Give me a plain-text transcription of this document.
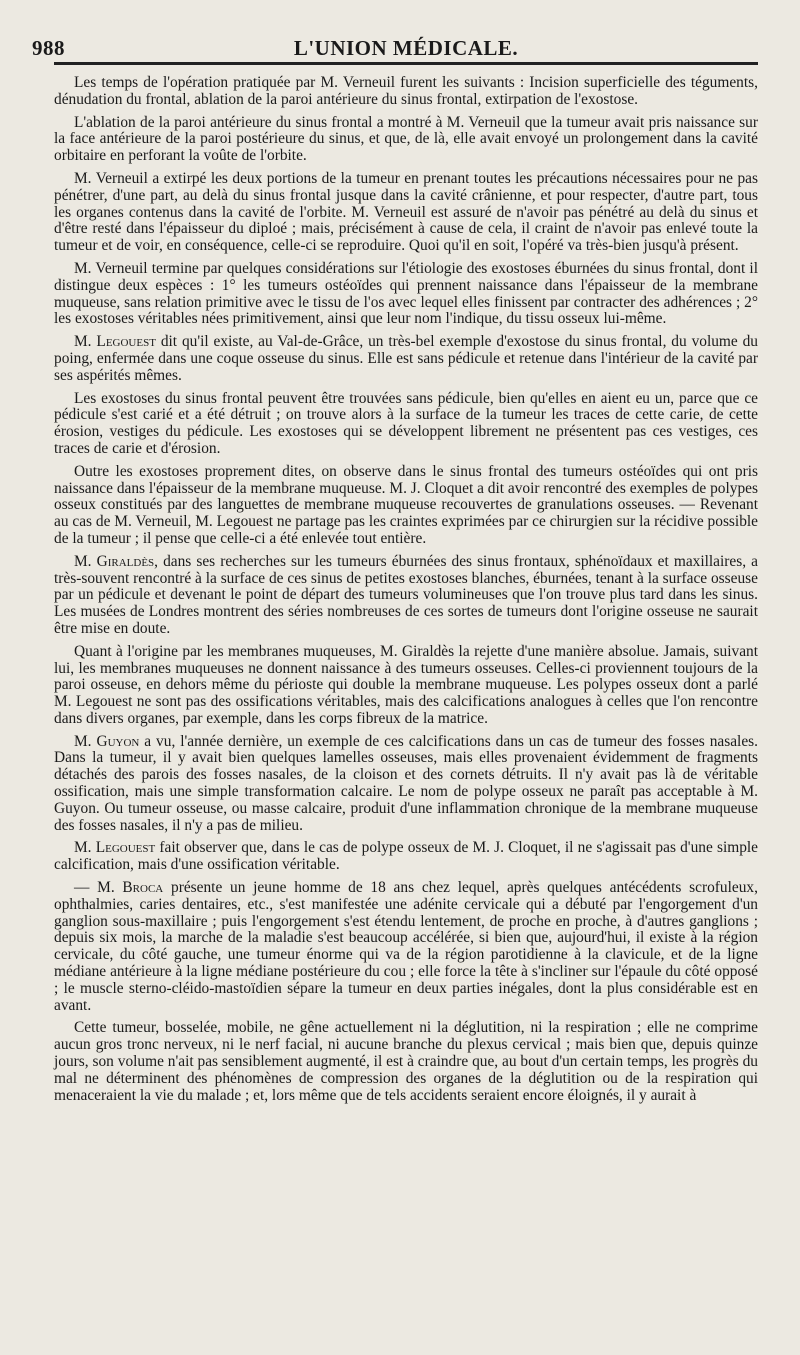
988	L'UNION MÉDICALE.

Les temps de l'opération pratiquée par M. Verneuil furent les suivants : Incision superficielle des téguments, dénudation du frontal, ablation de la paroi antérieure du sinus frontal, extirpation de l'exostose.

L'ablation de la paroi antérieure du sinus frontal a montré à M. Verneuil que la tumeur avait pris naissance sur la face antérieure de la paroi postérieure du sinus, et que, de là, elle avait envoyé un prolongement dans la cavité orbitaire en perforant la voûte de l'orbite.

M. Verneuil a extirpé les deux portions de la tumeur en prenant toutes les précautions nécessaires pour ne pas pénétrer, d'une part, au delà du sinus frontal jusque dans la cavité crânienne, et pour respecter, d'autre part, tous les organes contenus dans la cavité de l'orbite. M. Verneuil est assuré de n'avoir pas pénétré au delà du sinus et d'être resté dans l'épaisseur du diploé ; mais, précisément à cause de cela, il craint de n'avoir pas enlevé toute la tumeur et de voir, en conséquence, celle-ci se reproduire. Quoi qu'il en soit, l'opéré va très-bien jusqu'à présent.

M. Verneuil termine par quelques considérations sur l'étiologie des exostoses éburnées du sinus frontal, dont il distingue deux espèces : 1° les tumeurs ostéoïdes qui prennent naissance dans l'épaisseur de la membrane muqueuse, sans relation primitive avec le tissu de l'os avec lequel elles finissent par contracter des adhérences ; 2° les exostoses véritables nées primitivement, ainsi que leur nom l'indique, du tissu osseux lui-même.

M. Legouest dit qu'il existe, au Val-de-Grâce, un très-bel exemple d'exostose du sinus frontal, du volume du poing, enfermée dans une coque osseuse du sinus. Elle est sans pédicule et retenue dans l'intérieur de la cavité par ses aspérités mêmes.

Les exostoses du sinus frontal peuvent être trouvées sans pédicule, bien qu'elles en aient eu un, parce que ce pédicule s'est carié et a été détruit ; on trouve alors à la surface de la tumeur les traces de cette carie, de cette érosion, vestiges du pédicule. Les exostoses qui se développent librement ne présentent pas ces vestiges, ces traces de carie et d'érosion.

Outre les exostoses proprement dites, on observe dans le sinus frontal des tumeurs ostéoïdes qui ont pris naissance dans l'épaisseur de la membrane muqueuse. M. J. Cloquet a dit avoir rencontré des exemples de polypes osseux constitués par des languettes de membrane muqueuse recouvertes de granulations osseuses. — Revenant au cas de M. Verneuil, M. Legouest ne partage pas les craintes exprimées par ce chirurgien sur la récidive possible de la tumeur ; il pense que celle-ci a été enlevée tout entière.

M. Giraldès, dans ses recherches sur les tumeurs éburnées des sinus frontaux, sphénoïdaux et maxillaires, a très-souvent rencontré à la surface de ces sinus de petites exostoses blanches, éburnées, tenant à la surface osseuse par un pédicule et devenant le point de départ des tumeurs volumineuses que l'on trouve plus tard dans les sinus. Les musées de Londres montrent des séries nombreuses de ces sortes de tumeurs dont l'origine osseuse ne saurait être mise en doute.

Quant à l'origine par les membranes muqueuses, M. Giraldès la rejette d'une manière absolue. Jamais, suivant lui, les membranes muqueuses ne donnent naissance à des tumeurs osseuses. Celles-ci proviennent toujours de la paroi osseuse, en dehors même du périoste qui double la membrane muqueuse. Les polypes osseux dont a parlé M. Legouest ne sont pas des ossifications véritables, mais des calcifications analogues à celles que l'on rencontre dans divers organes, par exemple, dans les corps fibreux de la matrice.

M. Guyon a vu, l'année dernière, un exemple de ces calcifications dans un cas de tumeur des fosses nasales. Dans la tumeur, il y avait bien quelques lamelles osseuses, mais elles provenaient évidemment de fragments détachés des parois des fosses nasales, de la cloison et des cornets détruits. Il n'y avait pas là de véritable ossification, mais une simple transformation calcaire. Le nom de polype osseux ne paraît pas acceptable à M. Guyon. Ou tumeur osseuse, ou masse calcaire, produit d'une inflammation chronique de la membrane muqueuse des fosses nasales, il n'y a pas de milieu.

M. Legouest fait observer que, dans le cas de polype osseux de M. J. Cloquet, il ne s'agissait pas d'une simple calcification, mais d'une ossification véritable.

— M. Broca présente un jeune homme de 18 ans chez lequel, après quelques antécédents scrofuleux, ophthalmies, caries dentaires, etc., s'est manifestée une adénite cervicale qui a débuté par l'engorgement d'un ganglion sous-maxillaire ; puis l'engorgement s'est étendu lentement, de proche en proche, à d'autres ganglions ; depuis six mois, la marche de la maladie s'est beaucoup accélérée, si bien que, aujourd'hui, il existe à la région cervicale, du côté gauche, une tumeur énorme qui va de la région parotidienne à la clavicule, et de la ligne médiane antérieure à la ligne médiane postérieure du cou ; elle force la tête à s'incliner sur l'épaule du côté opposé ; le muscle sterno-cléido-mastoïdien sépare la tumeur en deux parties inégales, dont la plus considérable est en avant.

Cette tumeur, bosselée, mobile, ne gêne actuellement ni la déglutition, ni la respiration ; elle ne comprime aucun gros tronc nerveux, ni le nerf facial, ni aucune branche du plexus cervical ; mais bien que, depuis quinze jours, son volume n'ait pas sensiblement augmenté, il est à craindre que, au bout d'un certain temps, les progrès du mal ne déterminent des phénomènes de compression des organes de la déglutition ou de la respiration qui menaceraient la vie du malade ; et, lors même que de tels accidents seraient encore éloignés, il y aurait à
